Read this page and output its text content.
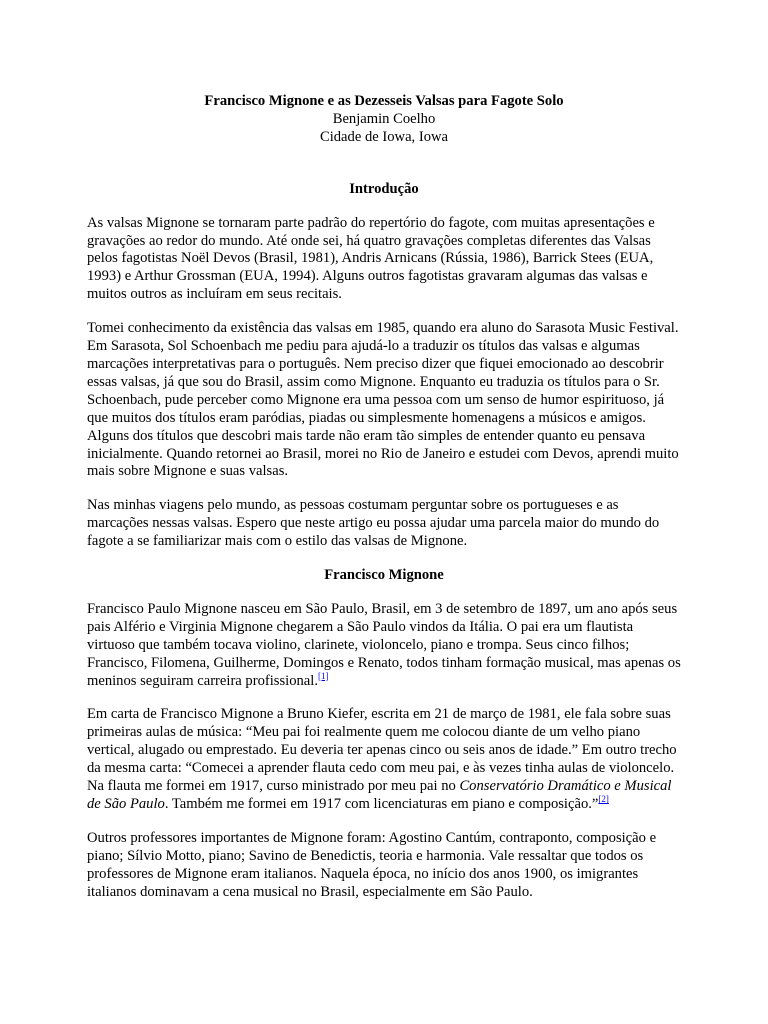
Francisco Mignone e as Dezesseis Valsas para Fagote Solo
Benjamin Coelho
Cidade de Iowa, Iowa
Introdução

As valsas Mignone se tornaram parte padrão do repertório do fagote, com muitas apresentações e gravações ao redor do mundo. Até onde sei, há quatro gravações completas diferentes das Valsas pelos fagotistas Noël Devos (Brasil, 1981), Andris Arnicans (Rússia, 1986), Barrick Stees (EUA, 1993) e Arthur Grossman (EUA, 1994). Alguns outros fagotistas gravaram algumas das valsas e muitos outros as incluíram em seus recitais.

Tomei conhecimento da existência das valsas em 1985, quando era aluno do Sarasota Music Festival. Em Sarasota, Sol Schoenbach me pediu para ajudá-lo a traduzir os títulos das valsas e algumas marcações interpretativas para o português. Nem preciso dizer que fiquei emocionado ao descobrir essas valsas, já que sou do Brasil, assim como Mignone. Enquanto eu traduzia os títulos para o Sr. Schoenbach, pude perceber como Mignone era uma pessoa com um senso de humor espirituoso, já que muitos dos títulos eram paródias, piadas ou simplesmente homenagens a músicos e amigos. Alguns dos títulos que descobri mais tarde não eram tão simples de entender quanto eu pensava inicialmente. Quando retornei ao Brasil, morei no Rio de Janeiro e estudei com Devos, aprendi muito mais sobre Mignone e suas valsas.

Nas minhas viagens pelo mundo, as pessoas costumam perguntar sobre os portugueses e as marcações nessas valsas. Espero que neste artigo eu possa ajudar uma parcela maior do mundo do fagote a se familiarizar mais com o estilo das valsas de Mignone.

Francisco Mignone

Francisco Paulo Mignone nasceu em São Paulo, Brasil, em 3 de setembro de 1897, um ano após seus pais Alfério e Virginia Mignone chegarem a São Paulo vindos da Itália. O pai era um flautista virtuoso que também tocava violino, clarinete, violoncelo, piano e trompa. Seus cinco filhos; Francisco, Filomena, Guilherme, Domingos e Renato, todos tinham formação musical, mas apenas os meninos seguiram carreira profissional.[1]

Em carta de Francisco Mignone a Bruno Kiefer, escrita em 21 de março de 1981, ele fala sobre suas primeiras aulas de música: “Meu pai foi realmente quem me colocou diante de um velho piano vertical, alugado ou emprestado. Eu deveria ter apenas cinco ou seis anos de idade.” Em outro trecho da mesma carta: “Comecei a aprender flauta cedo com meu pai, e às vezes tinha aulas de violoncelo. Na flauta me formei em 1917, curso ministrado por meu pai no Conservatório Dramático e Musical de São Paulo. Também me formei em 1917 com licenciaturas em piano e composição.”[2]

Outros professores importantes de Mignone foram: Agostino Cantúm, contraponto, composição e piano; Sílvio Motto, piano; Savino de Benedictis, teoria e harmonia. Vale ressaltar que todos os professores de Mignone eram italianos. Naquela época, no início dos anos 1900, os imigrantes italianos dominavam a cena musical no Brasil, especialmente em São Paulo.
